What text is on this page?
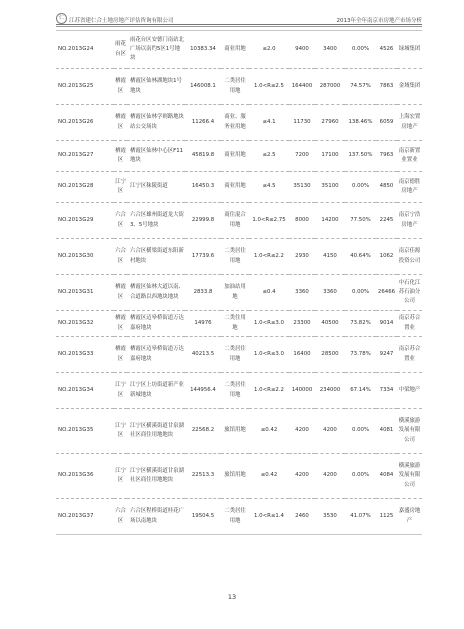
仁 江苏省建仁合土地房地产评估咨询有限公司	2013年全年南京市房地产市场分析
NO.2013G24	雨花台区	雨花台区安德门南站北广场以南约5区1号地块	10383.34	商业用地	≤2.0	9400	3400	0.00%	4526	绿城集团
NO.2013G25	栖霞区	栖霞区仙林湖地块1号地块	146008.1	二类居住用地	1.0<R≤2.5	164400	287000	74.57%	7863	金域集团
NO.2013G26	栖霞区	栖霞区仙林学则路地块站公交场块	11266.4	商业、服务业用地	≤4.1	11730	27960	138.46%	6059	上海宏置房地产
NO.2013G27	栖霞区	栖霞区仙林中心区F11地块	45819.8	商业用地	≤2.5	7200	17100	137.50%	7963	南京新置业置业
NO.2013G28	江宁区	江宁区秣陵街道	16450.3	商业用地	≤4.5	35130	35100	0.00%	4850	南京德胜房地产
NO.2013G29	六合区	六合区雄州街道龙大街3、5号地块	22999.8	商住混合用地	1.0<R≤2.75	8000	14200	77.50%	2245	南京宁浩房地产
NO.2013G30	六合区	六合区横梁街道东阳新村地块	17739.6	二类居住用地	1.0<R≤2.2	2930	4150	40.64%	1062	南京佳源投资公司
NO.2013G31	栖霞区	栖霞区仙林大道以南、合道路以西地块地块	2833.8	加油站用地	≤0.4	3360	3360	0.00%	26466	中石化江苏石油分公司
NO.2013G32	栖霞区	栖霞区迈皋桥街道万达嘉府地块	14976	二类住用地	1.0<R≤3.0	23300	40500	73.82%	9014	南京苏合置业
NO.2013G33	栖霞区	栖霞区迈皋桥街道万达嘉府地块	40213.5	二类居住用地	1.0<R≤3.0	16400	28500	73.78%	9247	南京苏合置业
NO.2013G34	江宁区	江宁区上坊街道新产业新城地块	144956.4	二类居住用地	1.0<R≤2.2	140000	234000	67.14%	7334	中梁地产
NO.2013G35	江宁区	江宁区横溪街道甘泉湖社区商住用地地块	22568.2	旅馆用地	≤0.42	4200	4200	0.00%	4081	横溪旅游发展有限公司
NO.2013G36	江宁区	江宁区横溪街道甘泉湖社区商住用地地块	22513.3	旅馆用地	≤0.42	4200	4200	0.00%	4084	横溪旅游发展有限公司
NO.2013G37	六合区	六合区程桥街道桂花广场以南地块	19504.5	二类居住用地	1.0<R≤1.4	2460	3530	41.07%	1125	嘉盛房地产
13
